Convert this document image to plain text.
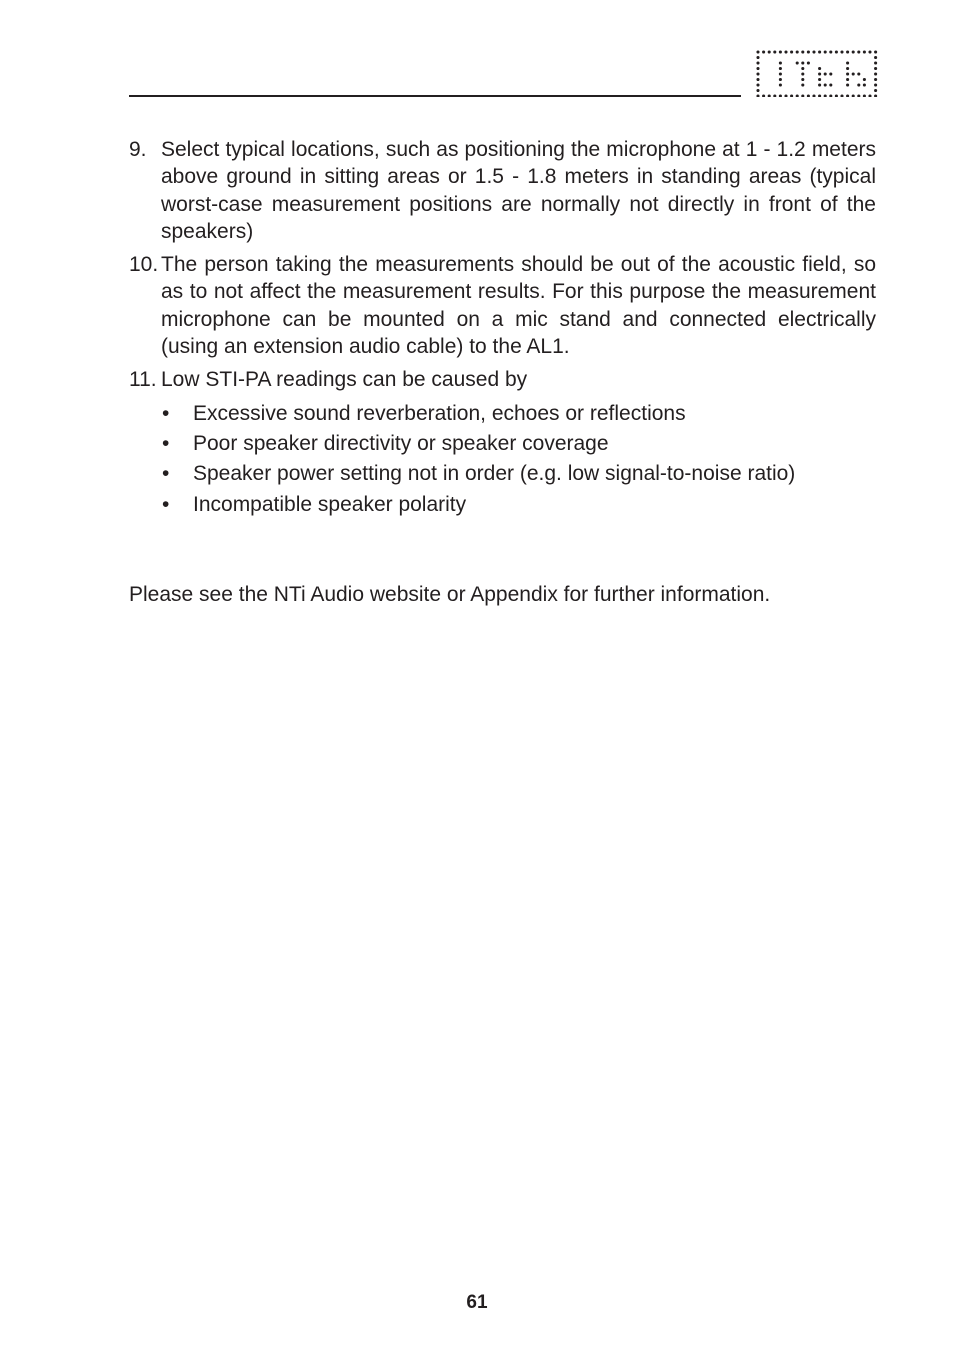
9. Select typical locations, such as positioning the microphone at 1 - 1.2 meters above ground in sitting areas or 1.5 - 1.8 meters in standing areas (typical worst-case measurement positions are normally not directly in front of the speakers)
10. The person taking the measurements should be out of the acoustic field, so as to not affect the measurement results. For this purpose the measurement microphone can be mounted on a mic stand and connected electrically (using an extension audio cable) to the AL1.
11. Low STI-PA readings can be caused by
• Excessive sound reverberation, echoes or reflections
• Poor speaker directivity or speaker coverage
• Speaker power setting not in order (e.g. low signal-to-noise ratio)
• Incompatible speaker polarity

Please see the NTi Audio website or Appendix for further information.

61
